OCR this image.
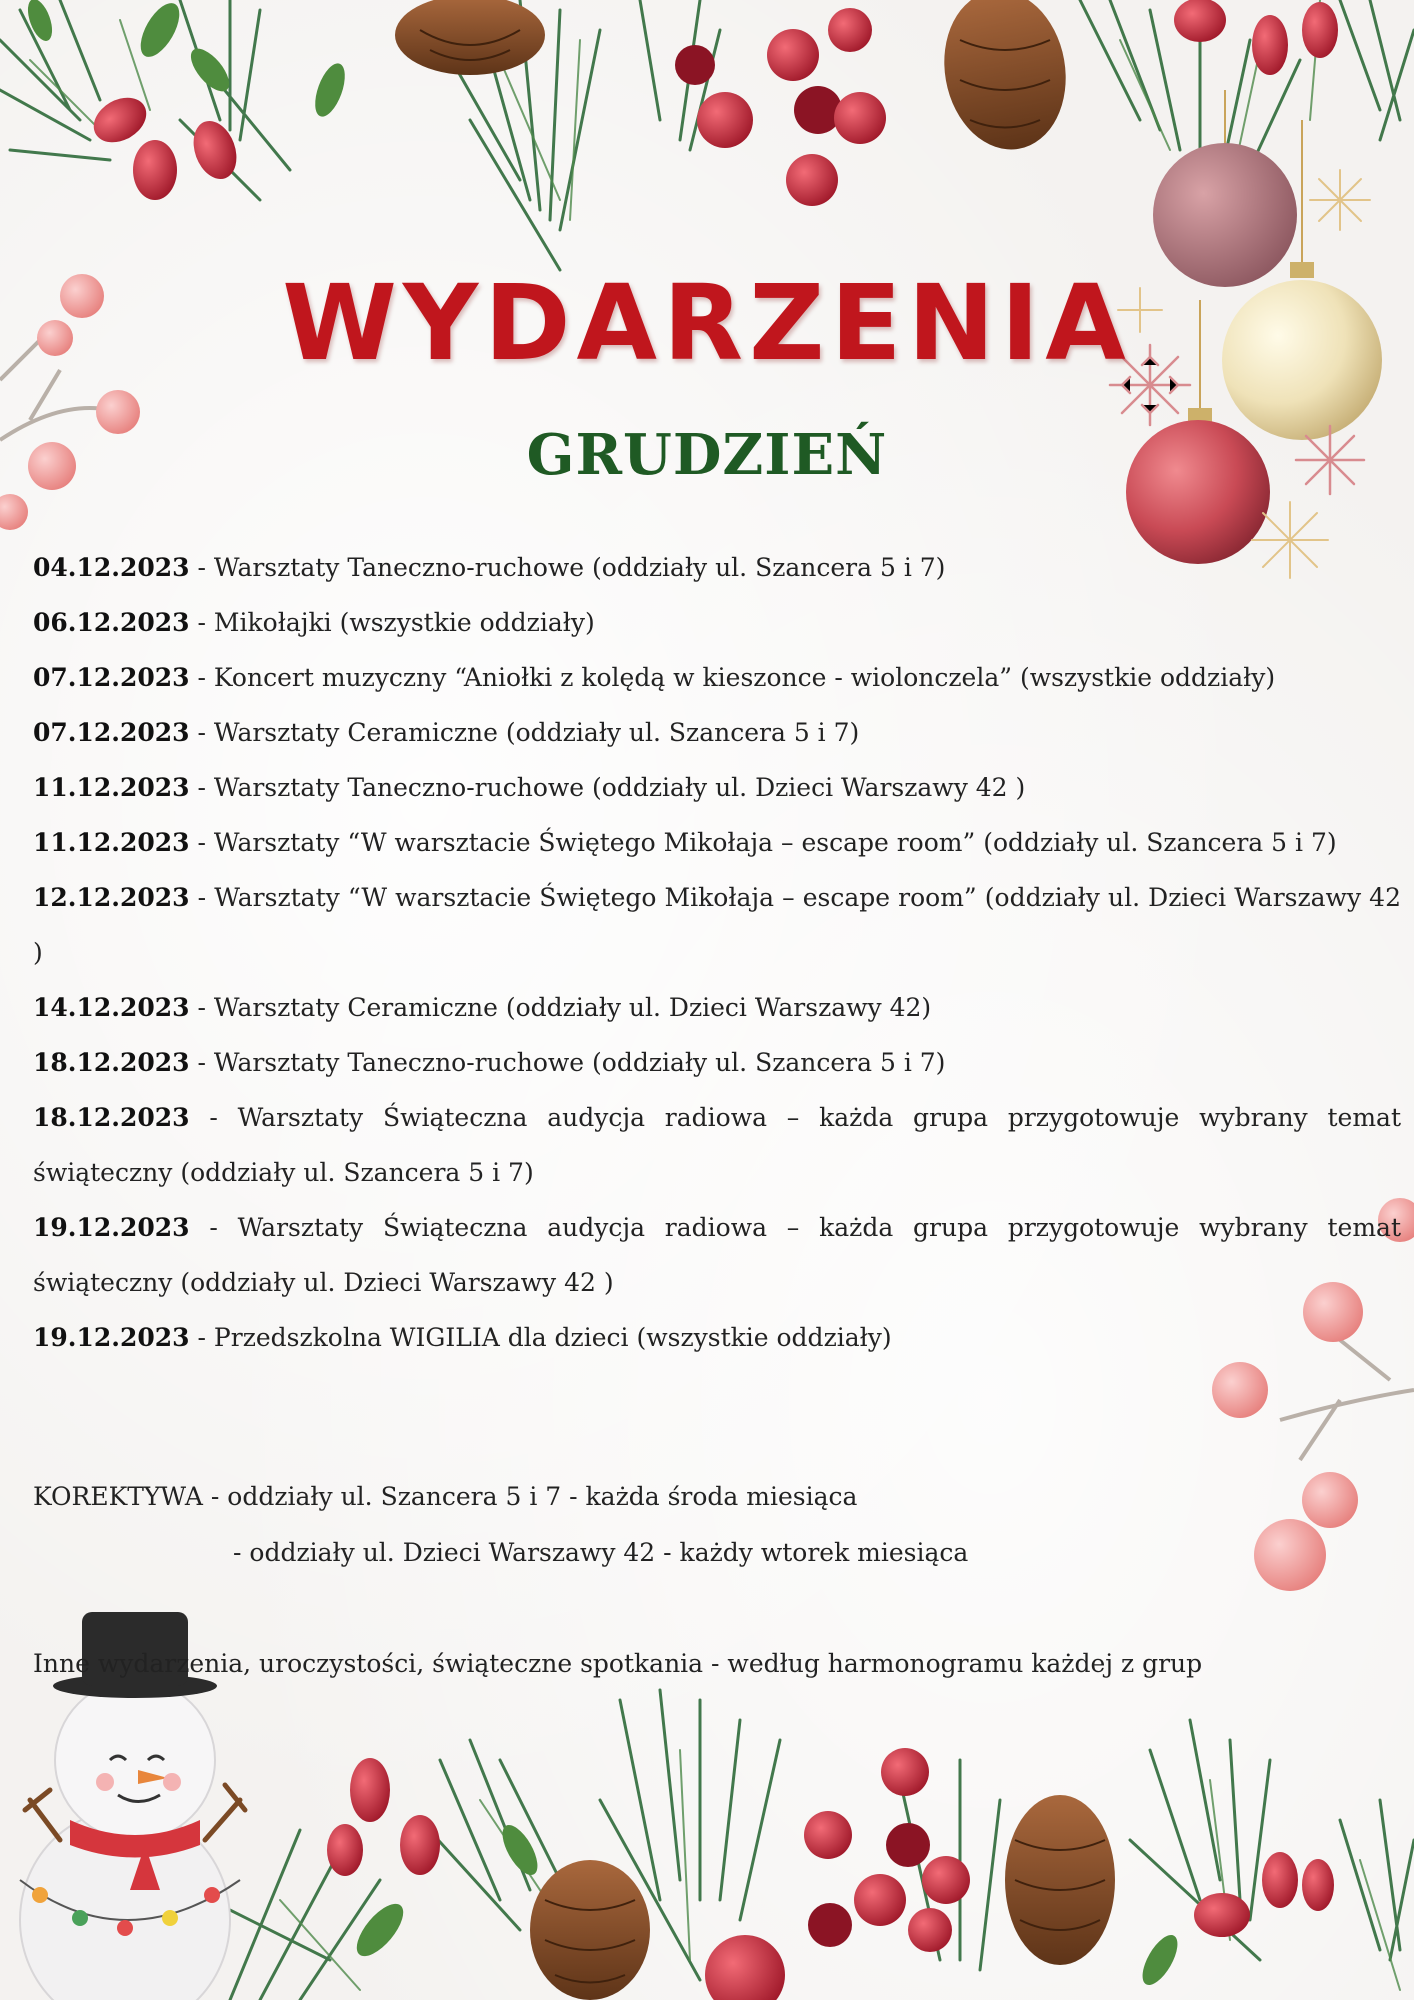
WYDARZENIA
GRUDZIEŃ

04.12.2023 - Warsztaty Taneczno-ruchowe (oddziały ul. Szancera 5 i 7)

06.12.2023 - Mikołajki (wszystkie oddziały)

07.12.2023 - Koncert muzyczny “Aniołki z kolędą w kieszonce - wiolonczela” (wszystkie oddziały)

07.12.2023 - Warsztaty Ceramiczne (oddziały ul. Szancera 5 i 7)

11.12.2023 - Warsztaty Taneczno-ruchowe (oddziały ul. Dzieci Warszawy 42 )

11.12.2023 - Warsztaty “W warsztacie Świętego Mikołaja – escape room” (oddziały ul. Szancera 5 i 7)

12.12.2023 - Warsztaty “W warsztacie Świętego Mikołaja – escape room” (oddziały ul. Dzieci Warszawy 42 )

14.12.2023 - Warsztaty Ceramiczne (oddziały ul. Dzieci Warszawy 42)

18.12.2023 - Warsztaty Taneczno-ruchowe (oddziały ul. Szancera 5 i 7)

18.12.2023 - Warsztaty Świąteczna audycja radiowa – każda grupa przygotowuje wybrany temat świąteczny (oddziały ul. Szancera 5 i 7)

19.12.2023 - Warsztaty Świąteczna audycja radiowa – każda grupa przygotowuje wybrany temat świąteczny (oddziały ul. Dzieci Warszawy 42 )

19.12.2023 - Przedszkolna WIGILIA dla dzieci (wszystkie oddziały)

KOREKTYWA - oddziały ul. Szancera 5 i 7 - każda środa miesiąca

- oddziały ul. Dzieci Warszawy 42 - każdy wtorek miesiąca

Inne wydarzenia, uroczystości, świąteczne spotkania - według harmonogramu każdej z grup
